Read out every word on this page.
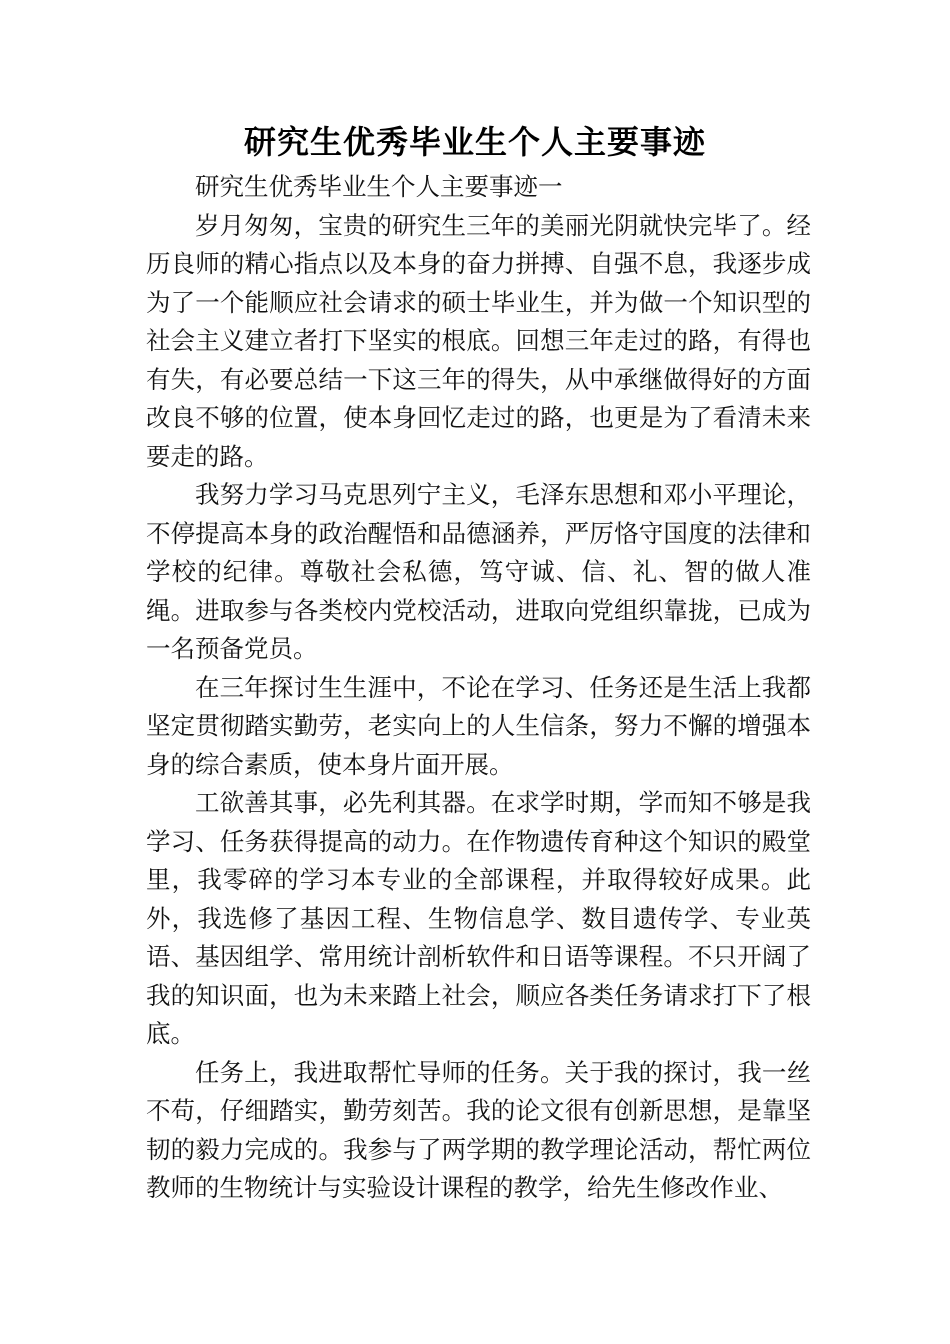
研究生优秀毕业生个人主要事迹

研究生优秀毕业生个人主要事迹一

岁月匆匆，宝贵的研究生三年的美丽光阴就快完毕了。经历良师的精心指点以及本身的奋力拼搏、自强不息，我逐步成为了一个能顺应社会请求的硕士毕业生，并为做一个知识型的社会主义建立者打下坚实的根底。回想三年走过的路，有得也有失，有必要总结一下这三年的得失，从中承继做得好的方面改良不够的位置，使本身回忆走过的路，也更是为了看清未来要走的路。

我努力学习马克思列宁主义，毛泽东思想和邓小平理论，不停提高本身的政治醒悟和品德涵养，严厉恪守国度的法律和学校的纪律。尊敬社会私德，笃守诚、信、礼、智的做人准绳。进取参与各类校内党校活动，进取向党组织靠拢，已成为一名预备党员。

在三年探讨生生涯中，不论在学习、任务还是生活上我都坚定贯彻踏实勤劳，老实向上的人生信条，努力不懈的增强本身的综合素质，使本身片面开展。

工欲善其事，必先利其器。在求学时期，学而知不够是我学习、任务获得提高的动力。在作物遗传育种这个知识的殿堂里，我零碎的学习本专业的全部课程，并取得较好成果。此外，我选修了基因工程、生物信息学、数目遗传学、专业英语、基因组学、常用统计剖析软件和日语等课程。不只开阔了我的知识面，也为未来踏上社会，顺应各类任务请求打下了根底。

任务上，我进取帮忙导师的任务。关于我的探讨，我一丝不苟，仔细踏实，勤劳刻苦。我的论文很有创新思想，是靠坚韧的毅力完成的。我参与了两学期的教学理论活动，帮忙两位教师的生物统计与实验设计课程的教学，给先生修改作业、
